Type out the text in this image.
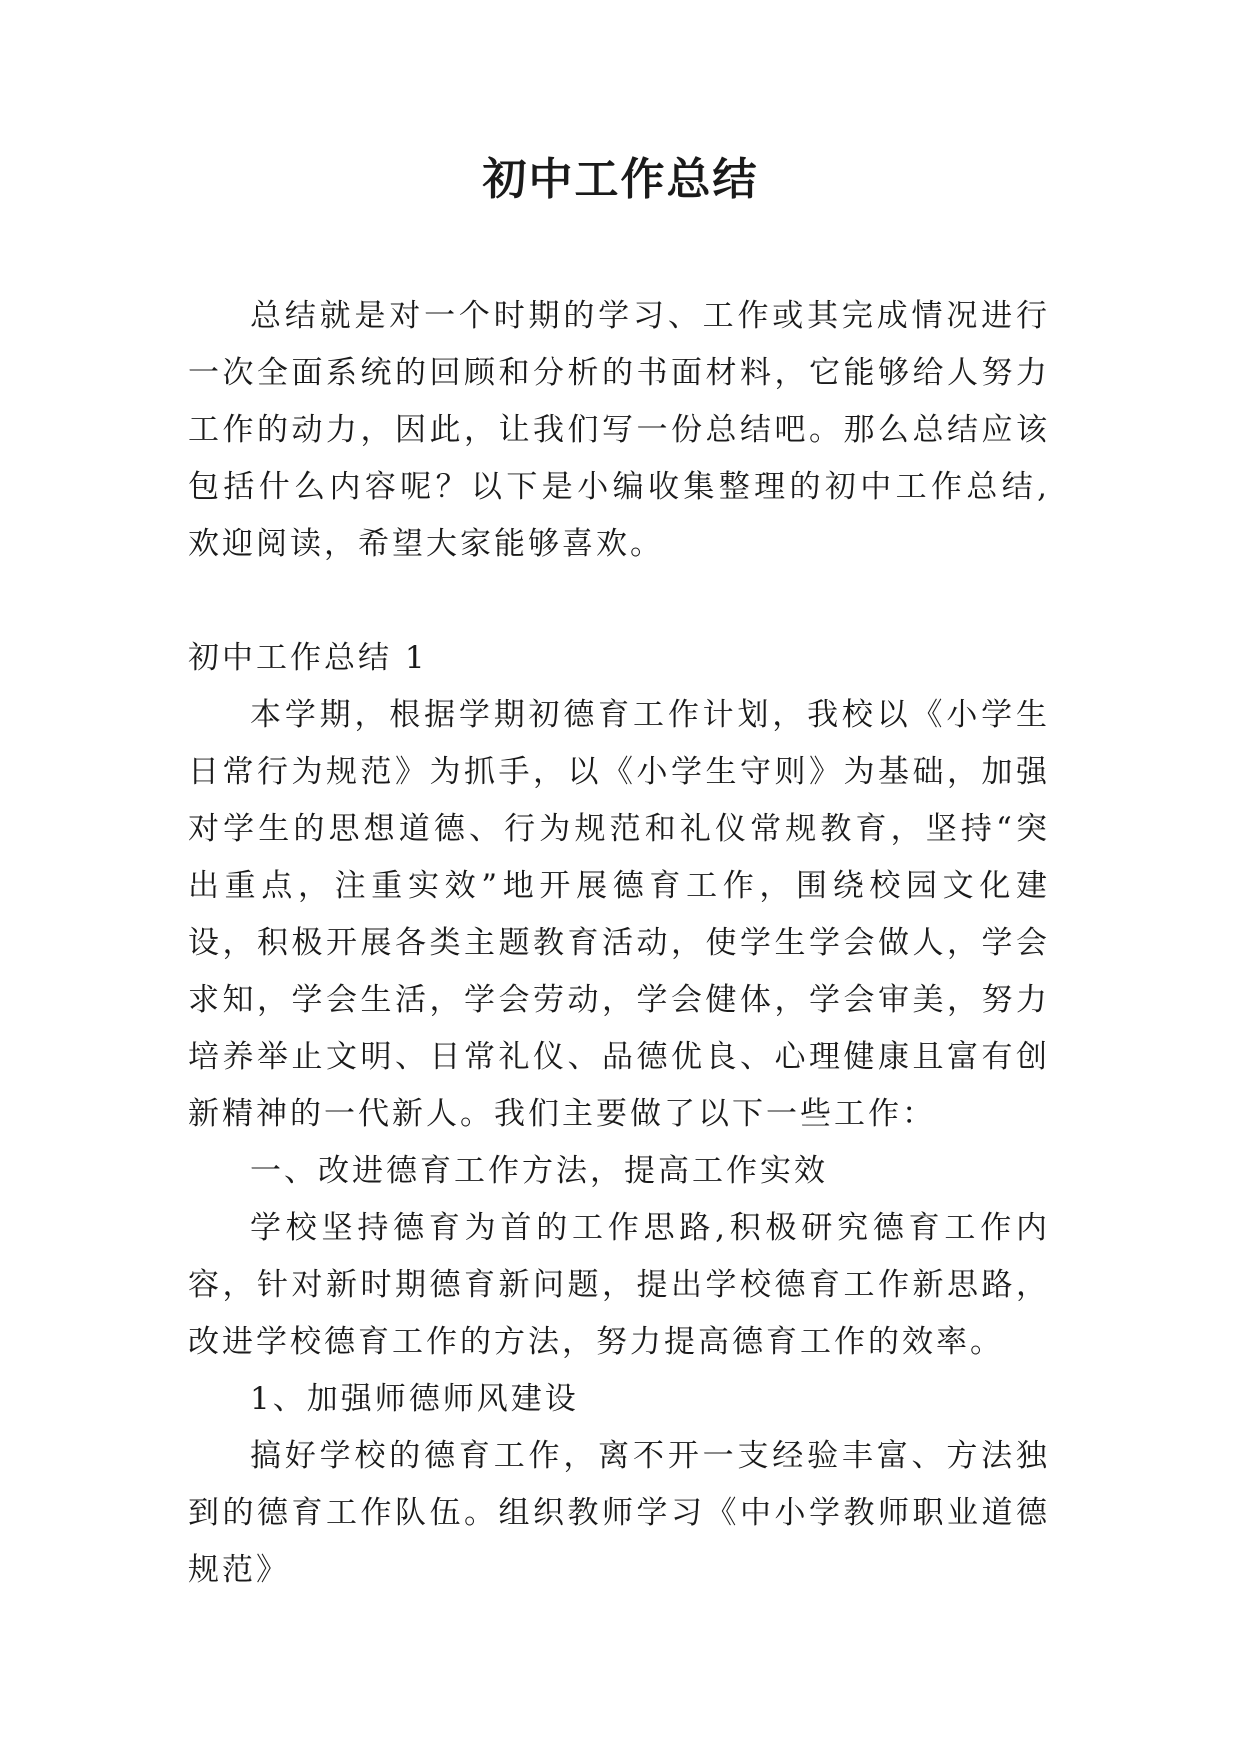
初中工作总结

总结就是对一个时期的学习、工作或其完成情况进行一次全面系统的回顾和分析的书面材料，它能够给人努力工作的动力，因此，让我们写一份总结吧。那么总结应该包括什么内容呢？以下是小编收集整理的初中工作总结,欢迎阅读，希望大家能够喜欢。

初中工作总结 1

本学期，根据学期初德育工作计划，我校以《小学生日常行为规范》为抓手，以《小学生守则》为基础，加强对学生的思想道德、行为规范和礼仪常规教育，坚持“突出重点，注重实效”地开展德育工作，围绕校园文化建设，积极开展各类主题教育活动，使学生学会做人，学会求知，学会生活，学会劳动，学会健体，学会审美，努力培养举止文明、日常礼仪、品德优良、心理健康且富有创新精神的一代新人。我们主要做了以下一些工作：

一、改进德育工作方法，提高工作实效

学校坚持德育为首的工作思路,积极研究德育工作内容，针对新时期德育新问题，提出学校德育工作新思路，改进学校德育工作的方法，努力提高德育工作的效率。

1、加强师德师风建设

搞好学校的德育工作，离不开一支经验丰富、方法独到的德育工作队伍。组织教师学习《中小学教师职业道德规范》
